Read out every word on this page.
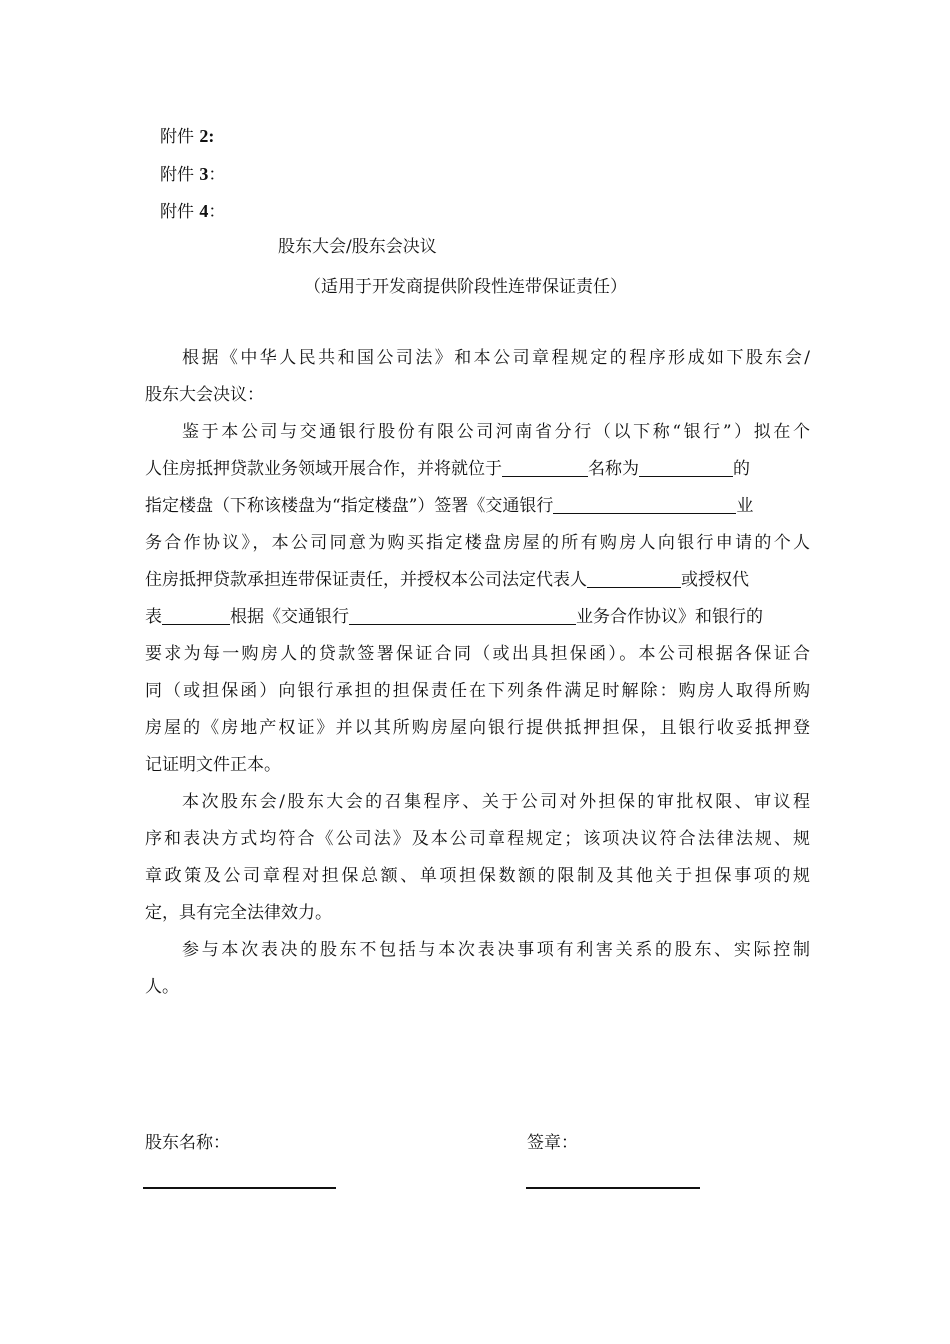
附件 2:
附件 3：
附件 4：
股东大会/股东会决议
（适用于开发商提供阶段性连带保证责任）
根据《中华人民共和国公司法》和本公司章程规定的程序形成如下股东会/
股东大会决议：
鉴于本公司与交通银行股份有限公司河南省分行（以下称“银行”）拟在个
人住房抵押贷款业务领域开展合作，并将就位于	名称为	的
指定楼盘（下称该楼盘为“指定楼盘”）签署《交通银行	业
务合作协议》，本公司同意为购买指定楼盘房屋的所有购房人向银行申请的个人
住房抵押贷款承担连带保证责任，并授权本公司法定代表人	或授权代
表	根据《交通银行	业务合作协议》和银行的
要求为每一购房人的贷款签署保证合同（或出具担保函）。本公司根据各保证合
同（或担保函）向银行承担的担保责任在下列条件满足时解除：购房人取得所购
房屋的《房地产权证》并以其所购房屋向银行提供抵押担保，且银行收妥抵押登
记证明文件正本。
本次股东会/股东大会的召集程序、关于公司对外担保的审批权限、审议程
序和表决方式均符合《公司法》及本公司章程规定；该项决议符合法律法规、规
章政策及公司章程对担保总额、单项担保数额的限制及其他关于担保事项的规
定，具有完全法律效力。
参与本次表决的股东不包括与本次表决事项有利害关系的股东、实际控制
人。
股东名称：	签章：
